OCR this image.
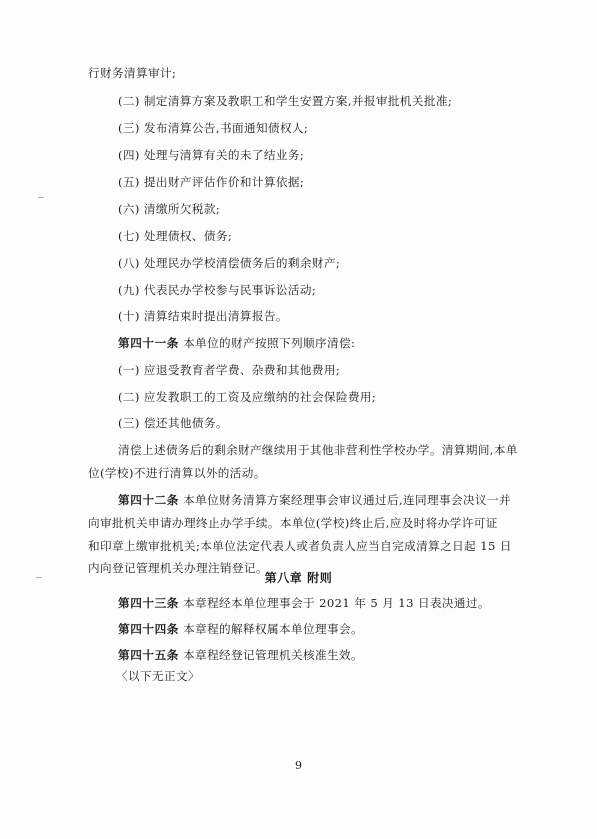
行财务清算审计;
(二) 制定清算方案及教职工和学生安置方案,并报审批机关批准;
(三) 发布清算公告,书面通知债权人;
(四) 处理与清算有关的未了结业务;
(五) 提出财产评估作价和计算依据;
(六) 清缴所欠税款;
(七) 处理债权、债务;
(八) 处理民办学校清偿债务后的剩余财产;
(九) 代表民办学校参与民事诉讼活动;
(十) 清算结束时提出清算报告。
第四十一条 本单位的财产按照下列顺序清偿:
(一) 应退受教育者学费、杂费和其他费用;
(二) 应发教职工的工资及应缴纳的社会保险费用;
(三) 偿还其他债务。
清偿上述债务后的剩余财产继续用于其他非营利性学校办学。清算期间,本单
位(学校)不进行清算以外的活动。
第四十二条 本单位财务清算方案经理事会审议通过后,连同理事会决议一并
向审批机关申请办理终止办学手续。本单位(学校)终止后,应及时将办学许可证
和印章上缴审批机关;本单位法定代表人或者负责人应当自完成清算之日起 15 日
内向登记管理机关办理注销登记。
第八章 附则
第四十三条 本章程经本单位理事会于 2021 年 5 月 13 日表决通过。
第四十四条 本章程的解释权属本单位理事会。
第四十五条 本章程经登记管理机关核准生效。
〈以下无正文〉
9
